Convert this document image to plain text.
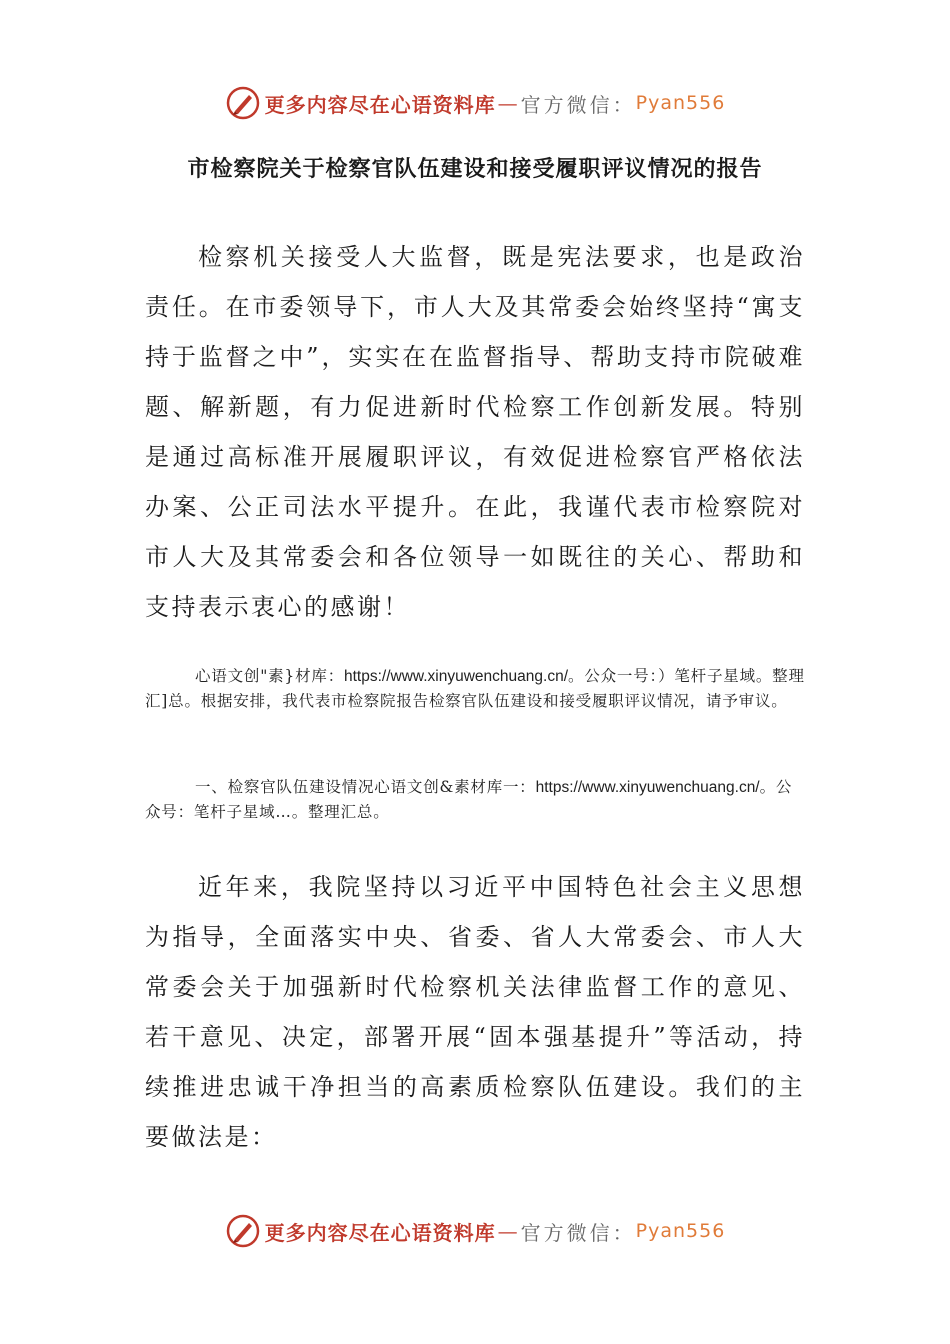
更多内容尽在心语资料库 — 官方微信： Pyan556
市检察院关于检察官队伍建设和接受履职评议情况的报告

检察机关接受人大监督，既是宪法要求，也是政治责任。在市委领导下，市人大及其常委会始终坚持“寓支持于监督之中”，实实在在监督指导、帮助支持市院破难题、解新题，有力促进新时代检察工作创新发展。特别是通过高标准开展履职评议，有效促进检察官严格依法办案、公正司法水平提升。在此，我谨代表市检察院对市人大及其常委会和各位领导一如既往的关心、帮助和支持表示衷心的感谢！

心语文创"素}材库：https://www.xinyuwenchuang.cn/。公众一号：）笔杆子星域。整理汇]总。根据安排，我代表市检察院报告检察官队伍建设和接受履职评议情况，请予审议。

一、检察官队伍建设情况心语文创&素材库一：https://www.xinyuwenchuang.cn/。公众号：笔杆子星域…。整理汇总。

近年来，我院坚持以习近平中国特色社会主义思想为指导，全面落实中央、省委、省人大常委会、市人大常委会关于加强新时代检察机关法律监督工作的意见、若干意见、决定，部署开展“固本强基提升”等活动，持续推进忠诚干净担当的高素质检察队伍建设。我们的主要做法是：

更多内容尽在心语资料库 — 官方微信： Pyan556
